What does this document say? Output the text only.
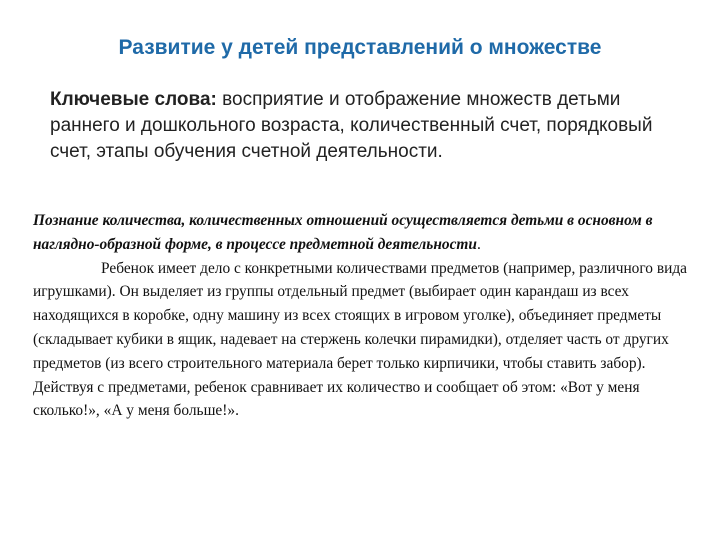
Развитие у детей представлений о множестве
Ключевые слова: восприятие и отображение множеств детьми раннего и дошкольного возраста, количественный счет, порядковый счет, этапы обучения счетной деятельности.

Познание количества, количественных отношений осуществляется детьми в основном в наглядно-образной форме, в процессе предметной деятельности.

Ребенок имеет дело с конкретными количествами предметов (например, различного вида игрушками). Он выделяет из группы отдельный предмет (выбирает один карандаш из всех находящихся в коробке, одну машину из всех стоящих в игровом уголке), объединяет предметы (складывает кубики в ящик, надевает на стержень колечки пирамидки), отделяет часть от других предметов (из всего строительного материала берет только кирпичики, чтобы ставить забор).

Действуя с предметами, ребенок сравнивает их количество и сообщает об этом: «Вот у меня сколько!», «А у меня больше!».
